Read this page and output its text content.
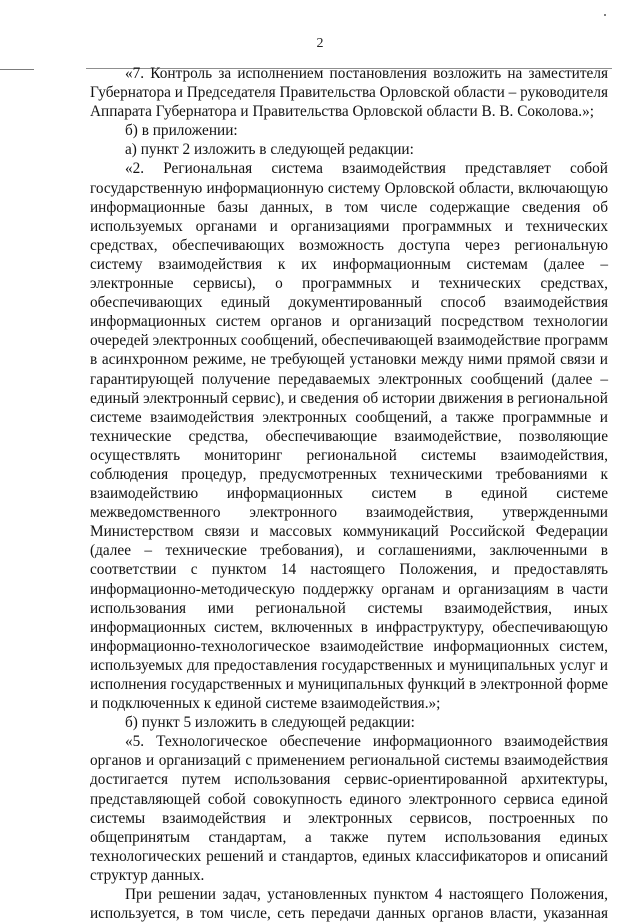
2

«7. Контроль за исполнением постановления возложить на заместителя Губернатора и Председателя Правительства Орловской области – руководителя Аппарата Губернатора и Правительства Орловской области В. В. Соколова.»;

б) в приложении:

а) пункт 2 изложить в следующей редакции:

«2. Региональная система взаимодействия представляет собой государственную информационную систему Орловской области, включающую информационные базы данных, в том числе содержащие сведения об используемых органами и организациями программных и технических средствах, обеспечивающих возможность доступа через региональную систему взаимодействия к их информационным системам (далее – электронные сервисы), о программных и технических средствах, обеспечивающих единый документированный способ взаимодействия информационных систем органов и организаций посредством технологии очередей электронных сообщений, обеспечивающей взаимодействие программ в асинхронном режиме, не требующей установки между ними прямой связи и гарантирующей получение передаваемых электронных сообщений (далее – единый электронный сервис), и сведения об истории движения в региональной системе взаимодействия электронных сообщений, а также программные и технические средства, обеспечивающие взаимодействие, позволяющие осуществлять мониторинг региональной системы взаимодействия, соблюдения процедур, предусмотренных техническими требованиями к взаимодействию информационных систем в единой системе межведомственного электронного взаимодействия, утвержденными Министерством связи и массовых коммуникаций Российской Федерации (далее – технические требования), и соглашениями, заключенными в соответствии с пунктом 14 настоящего Положения, и предоставлять информационно-методическую поддержку органам и организациям в части использования ими региональной системы взаимодействия, иных информационных систем, включенных в инфраструктуру, обеспечивающую информационно-технологическое взаимодействие информационных систем, используемых для предоставления государственных и муниципальных услуг и исполнения государственных и муниципальных функций в электронной форме и подключенных к единой системе взаимодействия.»;

б) пункт 5 изложить в следующей редакции:

«5. Технологическое обеспечение информационного взаимодействия органов и организаций с применением региональной системы взаимодействия достигается путем использования сервис-ориентированной архитектуры, представляющей собой совокупность единого электронного сервиса единой системы взаимодействия и электронных сервисов, построенных по общепринятым стандартам, а также путем использования единых технологических решений и стандартов, единых классификаторов и описаний структур данных.

При решении задач, установленных пунктом 4 настоящего Положения, используется, в том числе, сеть передачи данных органов власти, указанная
